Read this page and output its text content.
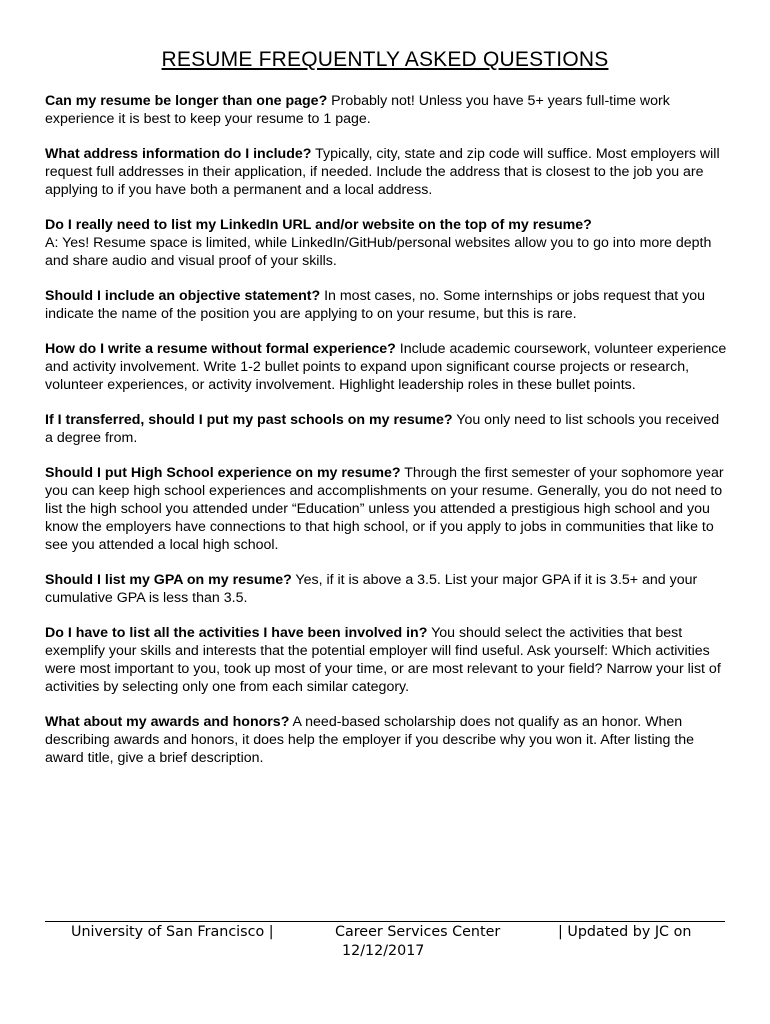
RESUME FREQUENTLY ASKED QUESTIONS

Can my resume be longer than one page? Probably not! Unless you have 5+ years full-time work experience it is best to keep your resume to 1 page.

What address information do I include? Typically, city, state and zip code will suffice. Most employers will request full addresses in their application, if needed. Include the address that is closest to the job you are applying to if you have both a permanent and a local address.

Do I really need to list my LinkedIn URL and/or website on the top of my resume?
A: Yes! Resume space is limited, while LinkedIn/GitHub/personal websites allow you to go into more depth and share audio and visual proof of your skills.

Should I include an objective statement? In most cases, no. Some internships or jobs request that you indicate the name of the position you are applying to on your resume, but this is rare.

How do I write a resume without formal experience? Include academic coursework, volunteer experience and activity involvement. Write 1-2 bullet points to expand upon significant course projects or research, volunteer experiences, or activity involvement. Highlight leadership roles in these bullet points.

If I transferred, should I put my past schools on my resume? You only need to list schools you received a degree from.

Should I put High School experience on my resume? Through the first semester of your sophomore year you can keep high school experiences and accomplishments on your resume. Generally, you do not need to list the high school you attended under “Education” unless you attended a prestigious high school and you know the employers have connections to that high school, or if you apply to jobs in communities that like to see you attended a local high school.

Should I list my GPA on my resume? Yes, if it is above a 3.5. List your major GPA if it is 3.5+ and your cumulative GPA is less than 3.5.

Do I have to list all the activities I have been involved in? You should select the activities that best exemplify your skills and interests that the potential employer will find useful. Ask yourself: Which activities were most important to you, took up most of your time, or are most relevant to your field? Narrow your list of activities by selecting only one from each similar category.

What about my awards and honors? A need-based scholarship does not qualify as an honor. When describing awards and honors, it does help the employer if you describe why you won it. After listing the award title, give a brief description.

University of San Francisco |	Career Services Center	| Updated by JC on
12/12/2017
